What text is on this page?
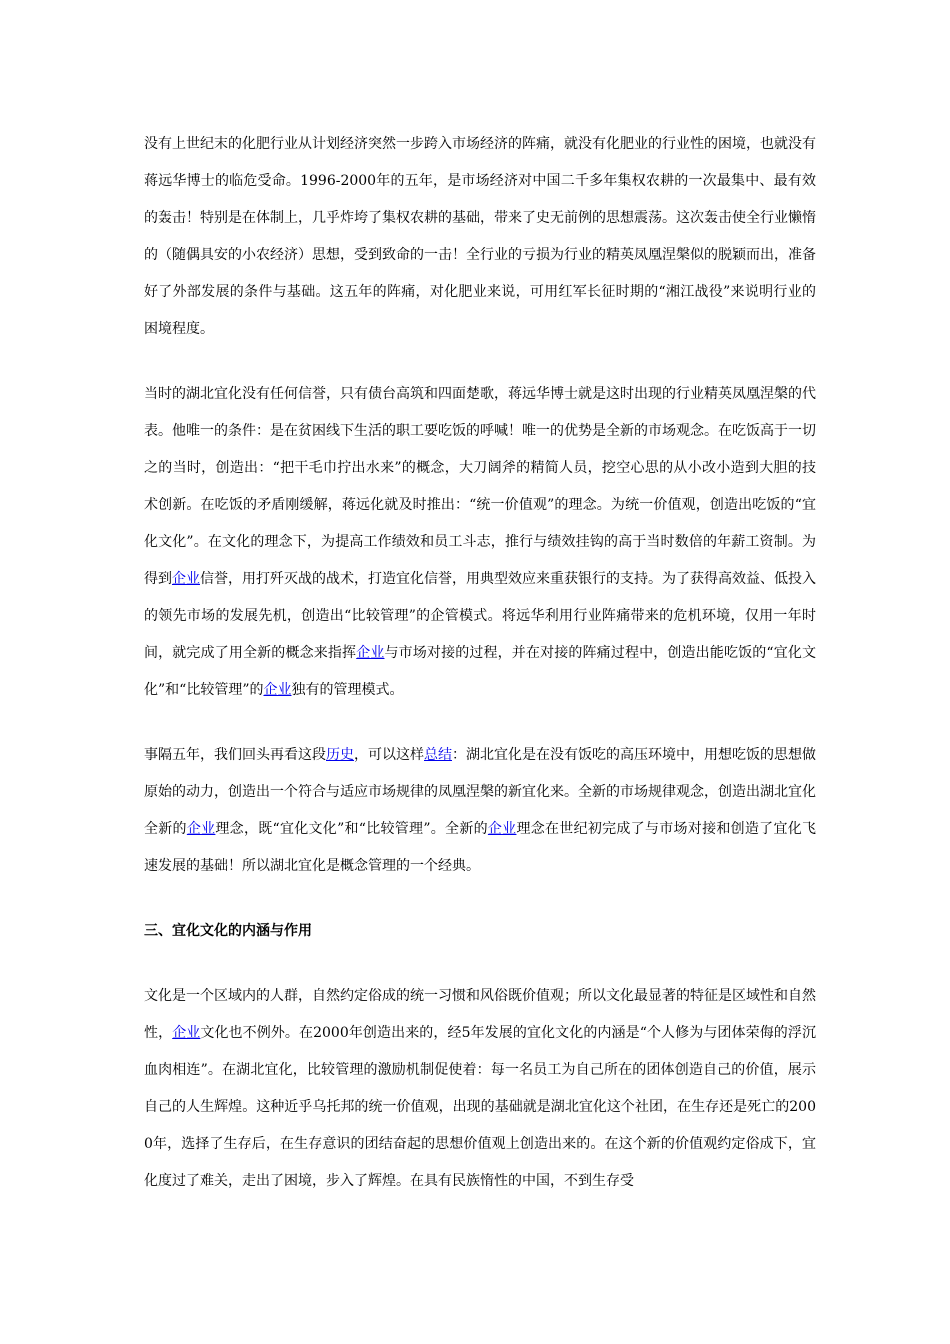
没有上世纪末的化肥行业从计划经济突然一步跨入市场经济的阵痛，就没有化肥业的行业性的困境，也就没有蒋远华博士的临危受命。1996-2000年的五年，是市场经济对中国二千多年集权农耕的一次最集中、最有效的轰击！特别是在体制上，几乎炸垮了集权农耕的基础，带来了史无前例的思想震荡。这次轰击使全行业懒惰的（随偶具安的小农经济）思想，受到致命的一击！全行业的亏损为行业的精英凤凰涅槃似的脱颖而出，准备好了外部发展的条件与基础。这五年的阵痛，对化肥业来说，可用红军长征时期的“湘江战役”来说明行业的困境程度。

当时的湖北宜化没有任何信誉，只有债台高筑和四面楚歌，蒋远华博士就是这时出现的行业精英凤凰涅槃的代表。他唯一的条件：是在贫困线下生活的职工要吃饭的呼喊！唯一的优势是全新的市场观念。在吃饭高于一切之的当时，创造出：“把干毛巾拧出水来”的概念，大刀阔斧的精简人员，挖空心思的从小改小造到大胆的技术创新。在吃饭的矛盾刚缓解，蒋远化就及时推出：“统一价值观”的理念。为统一价值观，创造出吃饭的“宜化文化”。在文化的理念下，为提高工作绩效和员工斗志，推行与绩效挂钩的高于当时数倍的年薪工资制。为得到企业信誉，用打歼灭战的战术，打造宜化信誉，用典型效应来重获银行的支持。为了获得高效益、低投入的领先市场的发展先机，创造出“比较管理”的企管模式。将远华利用行业阵痛带来的危机环境，仅用一年时间，就完成了用全新的概念来指挥企业与市场对接的过程，并在对接的阵痛过程中，创造出能吃饭的“宜化文化”和“比较管理”的企业独有的管理模式。

事隔五年，我们回头再看这段历史，可以这样总结：湖北宜化是在没有饭吃的高压环境中，用想吃饭的思想做原始的动力，创造出一个符合与适应市场规律的凤凰涅槃的新宜化来。全新的市场规律观念，创造出湖北宜化全新的企业理念，既“宜化文化”和“比较管理”。全新的企业理念在世纪初完成了与市场对接和创造了宜化飞速发展的基础！所以湖北宜化是概念管理的一个经典。

三、宜化文化的内涵与作用

文化是一个区域内的人群，自然约定俗成的统一习惯和风俗既价值观；所以文化最显著的特征是区域性和自然性，企业文化也不例外。在2000年创造出来的，经5年发展的宜化文化的内涵是“个人修为与团体荣侮的浮沉血肉相连”。在湖北宜化，比较管理的激励机制促使着：每一名员工为自己所在的团体创造自己的价值，展示自己的人生辉煌。这种近乎乌托邦的统一价值观，出现的基础就是湖北宜化这个社团，在生存还是死亡的2000年，选择了生存后，在生存意识的团结奋起的思想价值观上创造出来的。在这个新的价值观约定俗成下，宜化度过了难关，走出了困境，步入了辉煌。在具有民族惰性的中国，不到生存受
